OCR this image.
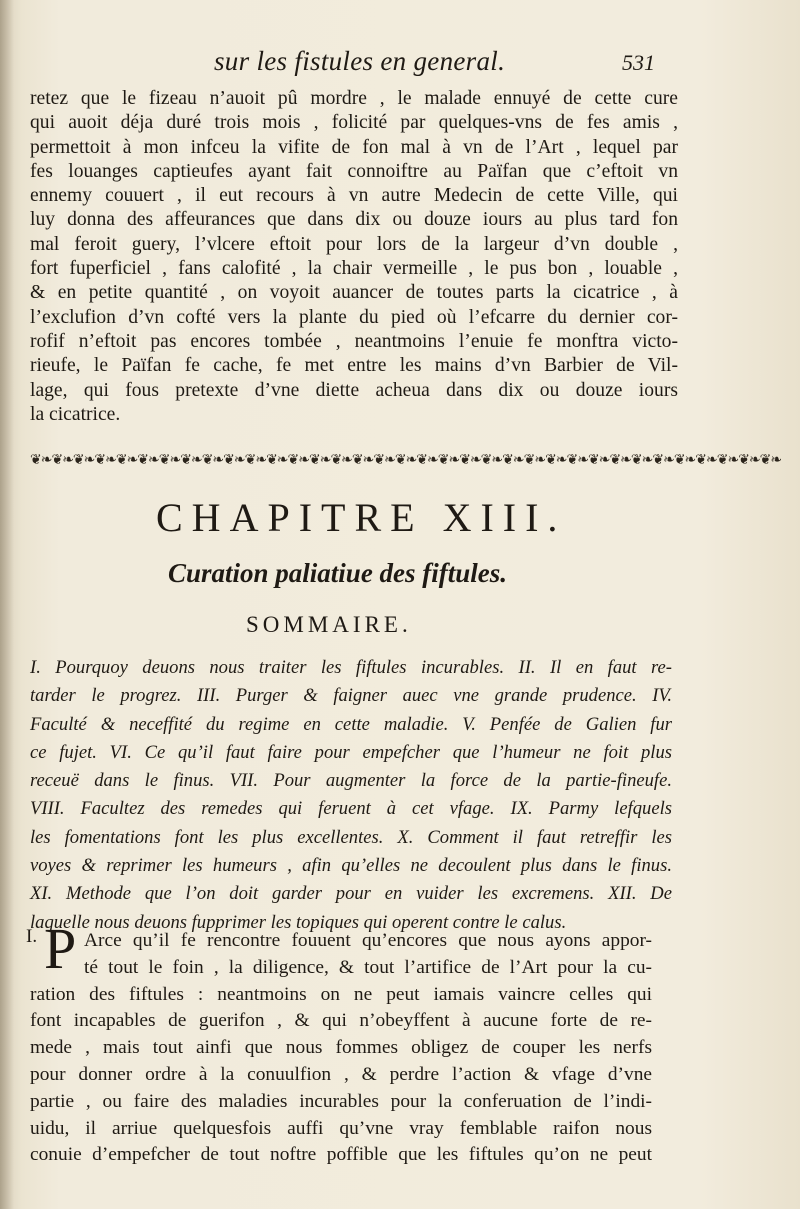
sur les fistules en general.	531
retez que le fizeau n’auoit pû mordre , le malade ennuyé de cette cure
qui auoit déja duré trois mois , folicité par quelques-vns de fes amis ,
permettoit à mon infceu la vifite de fon mal à vn de l’Art , lequel par
fes louanges captieufes ayant fait connoiftre au Païfan que c’eftoit vn
ennemy couuert , il eut recours à vn autre Medecin de cette Ville, qui
luy donna des affeurances que dans dix ou douze iours au plus tard fon
mal feroit guery, l’vlcere eftoit pour lors de la largeur d’vn double ,
fort fuperficiel , fans calofité , la chair vermeille , le pus bon , louable ,
& en petite quantité , on voyoit auancer de toutes parts la cicatrice , à
l’exclufion d’vn cofté vers la plante du pied où l’efcarre du dernier cor-
rofif n’eftoit pas encores tombée , neantmoins l’enuie fe monftra victo-
rieufe, le Païfan fe cache, fe met entre les mains d’vn Barbier de Vil-
lage, qui fous pretexte d’vne diette acheua dans dix ou douze iours
la cicatrice.
❦❧❦❧❦❧❦❧❦❧❦❧❦❧❦❧❦❧❦❧❦❧❦❧❦❧❦❧❦❧❦❧❦❧❦❧❦❧❦❧❦❧❦❧❦❧❦❧❦❧❦❧❦❧❦❧❦❧❦❧❦❧❦❧❦❧❦❧❦❧
CHAPITRE XIII.
Curation paliatiue des fiftules.
SOMMAIRE.
I. Pourquoy deuons nous traiter les fiftules incurables. II. Il en faut re-
tarder le progrez. III. Purger & faigner auec vne grande prudence. IV.
Faculté & neceffité du regime en cette maladie. V. Penfée de Galien fur
ce fujet. VI. Ce qu’il faut faire pour empefcher que l’humeur ne foit plus
receuë dans le finus. VII. Pour augmenter la force de la partie-fineufe.
VIII. Facultez des remedes qui feruent à cet vfage. IX. Parmy lefquels
les fomentations font les plus excellentes. X. Comment il faut retreffir les
voyes & reprimer les humeurs , afin qu’elles ne decoulent plus dans le finus.
XI. Methode que l’on doit garder pour en vuider les excremens. XII. De
laquelle nous deuons fupprimer les topiques qui operent contre le calus.
I. P Arce qu’il fe rencontre fouuent qu’encores que nous ayons appor-
té tout le foin , la diligence, & tout l’artifice de l’Art pour la cu-
ration des fiftules : neantmoins on ne peut iamais vaincre celles qui
font incapables de guerifon , & qui n’obeyffent à aucune forte de re-
mede , mais tout ainfi que nous fommes obligez de couper les nerfs
pour donner ordre à la conuulfion , & perdre l’action & vfage d’vne
partie , ou faire des maladies incurables pour la conferuation de l’indi-
uidu, il arriue quelquesfois auffi qu’vne vray femblable raifon nous
conuie d’empefcher de tout noftre poffible que les fiftules qu’on ne peut
